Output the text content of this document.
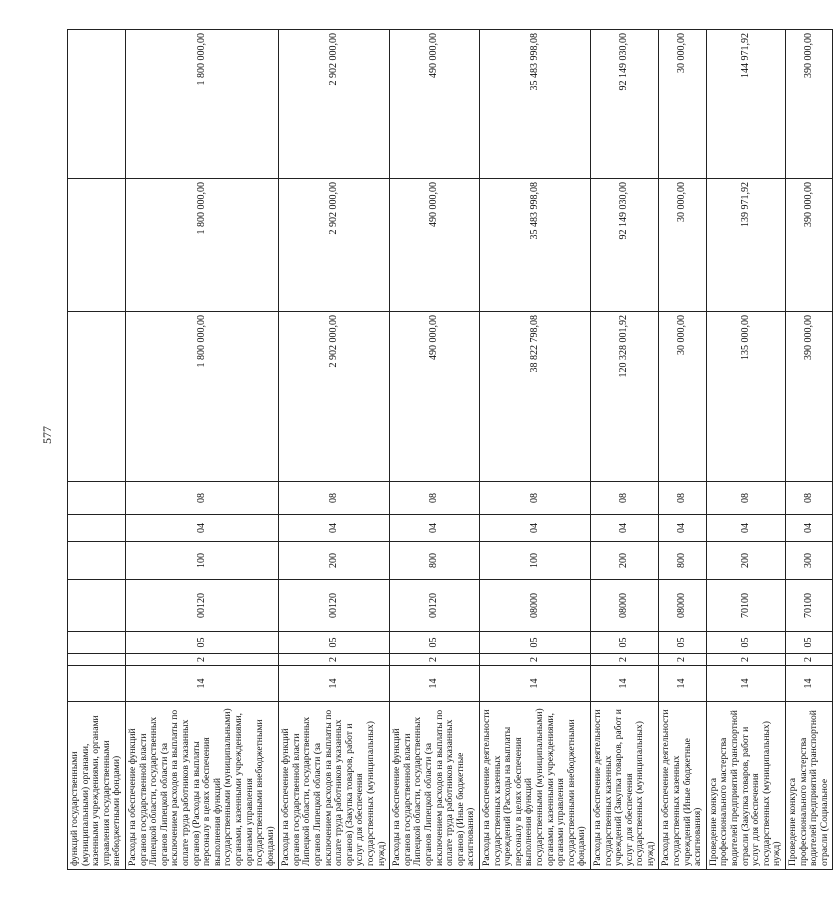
577
функций государственными (муниципальными) органами, казенными учреждениями, органами управления государственными внебюджетными фондами)										
Расходы на обеспечение функций органов государственной власти Липецкой области, государственных органов Липецкой области (за исключением расходов на выплаты по оплате труда работников указанных органов) (Расходы на выплаты персоналу в целях обеспечения выполнения функций государственными (муниципальными) органами, казенными учреждениями, органами управления государственными внебюджетными фондами)	14	2	05	00120	100	04	08	1 800 000,00	1 800 000,00	1 800 000,00
Расходы на обеспечение функций органов государственной власти Липецкой области, государственных органов Липецкой области (за исключением расходов на выплаты по оплате труда работников указанных органов) (Закупка товаров, работ и услуг для обеспечения государственных (муниципальных) нужд)	14	2	05	00120	200	04	08	2 902 000,00	2 902 000,00	2 902 000,00
Расходы на обеспечение функций органов государственной власти Липецкой области, государственных органов Липецкой области (за исключением расходов на выплаты по оплате труда работников указанных органов) (Иные бюджетные ассигнования)	14	2	05	00120	800	04	08	490 000,00	490 000,00	490 000,00
Расходы на обеспечение деятельности государственных казенных учреждений (Расходы на выплаты персоналу в целях обеспечения выполнения функций государственными (муниципальными) органами, казенными учреждениями, органами управления государственными внебюджетными фондами)	14	2	05	08000	100	04	08	38 822 798,08	35 483 998,08	35 483 998,08
Расходы на обеспечение деятельности государственных казенных учреждений (Закупка товаров, работ и услуг для обеспечения государственных (муниципальных) нужд)	14	2	05	08000	200	04	08	120 328 001,92	92 149 030,00	92 149 030,00
Расходы на обеспечение деятельности государственных казенных учреждений (Иные бюджетные ассигнования)	14	2	05	08000	800	04	08	30 000,00	30 000,00	30 000,00
Проведение конкурса профессионального мастерства водителей предприятий транспортной отрасли (Закупка товаров, работ и услуг для обеспечения государственных (муниципальных) нужд)	14	2	05	70100	200	04	08	135 000,00	139 971,92	144 971,92
Проведение конкурса профессионального мастерства водителей предприятий транспортной отрасли (Социальное	14	2	05	70100	300	04	08	390 000,00	390 000,00	390 000,00
